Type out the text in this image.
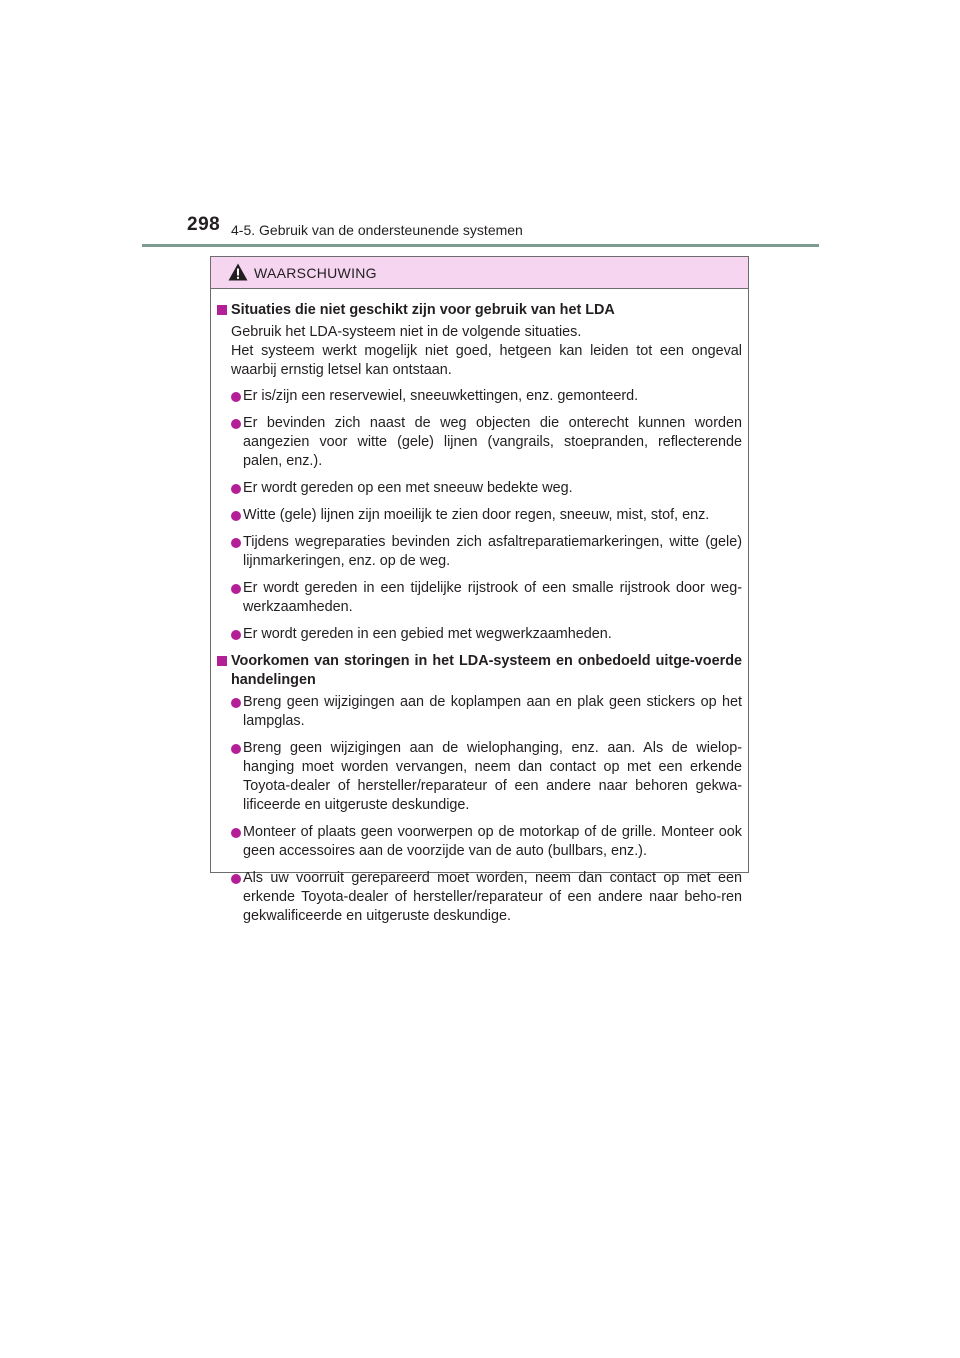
298 4-5. Gebruik van de ondersteunende systemen
WAARSCHUWING
Situaties die niet geschikt zijn voor gebruik van het LDA

Gebruik het LDA-systeem niet in de volgende situaties.

Het systeem werkt mogelijk niet goed, hetgeen kan leiden tot een ongeval waarbij ernstig letsel kan ontstaan.

Er is/zijn een reservewiel, sneeuwkettingen, enz. gemonteerd.
Er bevinden zich naast de weg objecten die onterecht kunnen worden aangezien voor witte (gele) lijnen (vangrails, stoepranden, reflecterende palen, enz.).
Er wordt gereden op een met sneeuw bedekte weg.
Witte (gele) lijnen zijn moeilijk te zien door regen, sneeuw, mist, stof, enz.
Tijdens wegreparaties bevinden zich asfaltreparatiemarkeringen, witte (gele) lijnmarkeringen, enz. op de weg.
Er wordt gereden in een tijdelijke rijstrook of een smalle rijstrook door weg-werkzaamheden.
Er wordt gereden in een gebied met wegwerkzaamheden.
Voorkomen van storingen in het LDA-systeem en onbedoeld uitge-voerde handelingen
Breng geen wijzigingen aan de koplampen aan en plak geen stickers op het lampglas.
Breng geen wijzigingen aan de wielophanging, enz. aan. Als de wielop-hanging moet worden vervangen, neem dan contact op met een erkende Toyota-dealer of hersteller/reparateur of een andere naar behoren gekwa-lificeerde en uitgeruste deskundige.
Monteer of plaats geen voorwerpen op de motorkap of de grille. Monteer ook geen accessoires aan de voorzijde van de auto (bullbars, enz.).
Als uw voorruit gerepareerd moet worden, neem dan contact op met een erkende Toyota-dealer of hersteller/reparateur of een andere naar beho-ren gekwalificeerde en uitgeruste deskundige.
